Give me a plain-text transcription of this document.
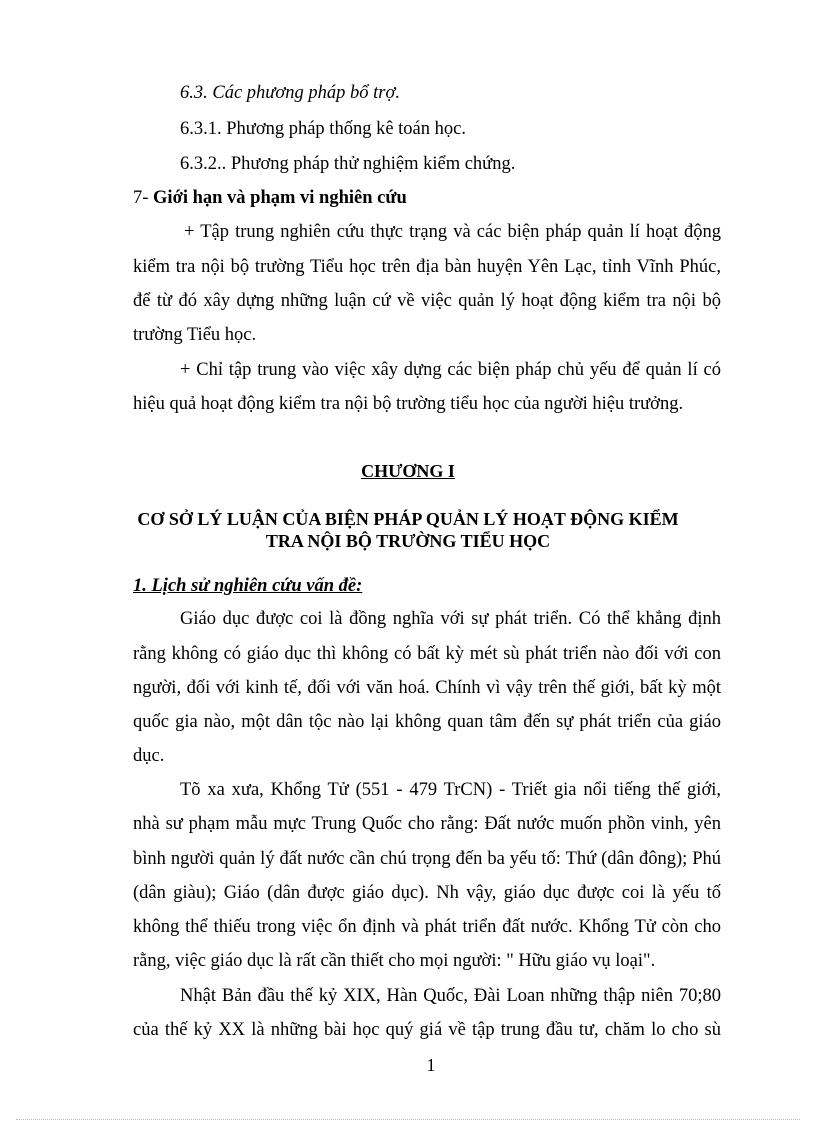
6.3. Các phương pháp bổ trợ.
6.3.1. Phương pháp thống kê toán học.
6.3.2.. Phương pháp thử nghiệm kiểm chứng.
7- Giới hạn và phạm vi nghiên cứu
+ Tập trung nghiên cứu thực trạng và các biện pháp quản lí hoạt động
kiểm tra nội bộ trường Tiểu học trên địa bàn huyện Yên Lạc, tỉnh Vĩnh Phúc,
để từ đó xây dựng những luận cứ về việc quản lý hoạt động kiểm tra nội bộ
trường Tiểu học.
+ Chỉ tập trung vào việc xây dựng các biện pháp chủ yếu để quản lí có
hiệu quả hoạt động kiểm tra nội bộ trường tiểu học của người hiệu trưởng.
CHƯƠNG I
CƠ SỞ LÝ LUẬN CỦA BIỆN PHÁP QUẢN LÝ HOẠT ĐỘNG KIỂM
TRA NỘI BỘ TRƯỜNG TIỂU HỌC
1. Lịch sử nghiên cứu vấn đề:
Giáo dục được coi là đồng nghĩa với sự phát triển. Có thể khẳng định
rằng không có giáo dục thì không có bất kỳ mét sù phát triển nào đối với con
người, đối với kinh tế, đối với văn hoá. Chính vì vậy trên thế giới, bất kỳ một
quốc gia nào, một dân tộc nào lại không quan tâm đến sự phát triển của giáo
dục.
Tõ xa xưa, Khổng Tử (551 - 479 TrCN) - Triết gia nổi tiếng thế giới,
nhà sư phạm mẫu mực Trung Quốc cho rằng: Đất nước muốn phồn vinh, yên
bình người quản lý đất nước cần chú trọng đến ba yếu tố: Thứ (dân đông); Phú
(dân giàu); Giáo (dân được giáo dục). Nh vậy, giáo dục được coi là yếu tố
không thể thiếu trong việc ổn định và phát triển đất nước. Khổng Tử còn cho
rằng, việc giáo dục là rất cần thiết cho mọi người: " Hữu giáo vụ loại".
Nhật Bản đầu thế kỷ XIX, Hàn Quốc, Đài Loan những thập niên 70;80
của thế kỷ XX là những bài học quý giá về tập trung đầu tư, chăm lo cho sù
1
